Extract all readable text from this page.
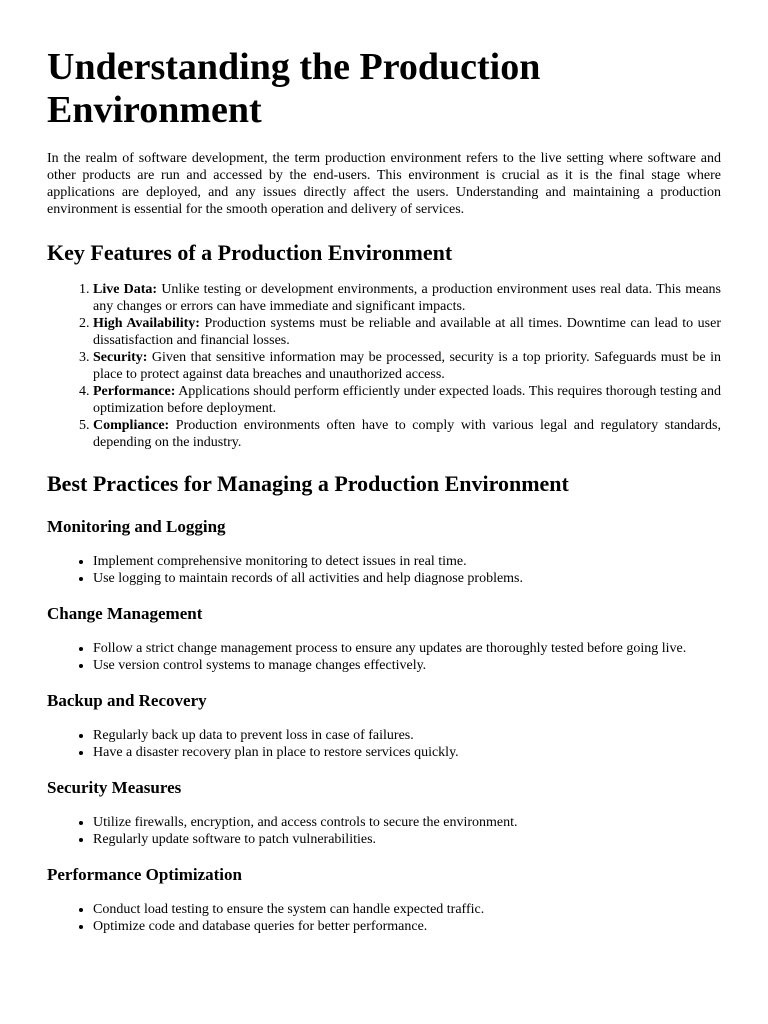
Understanding the Production Environment

In the realm of software development, the term production environment refers to the live setting where software and other products are run and accessed by the end-users. This environment is crucial as it is the final stage where applications are deployed, and any issues directly affect the users. Understanding and maintaining a production environment is essential for the smooth operation and delivery of services.

Key Features of a Production Environment
1. Live Data: Unlike testing or development environments, a production environment uses real data. This means any changes or errors can have immediate and significant impacts.
2. High Availability: Production systems must be reliable and available at all times. Downtime can lead to user dissatisfaction and financial losses.
3. Security: Given that sensitive information may be processed, security is a top priority. Safeguards must be in place to protect against data breaches and unauthorized access.
4. Performance: Applications should perform efficiently under expected loads. This requires thorough testing and optimization before deployment.
5. Compliance: Production environments often have to comply with various legal and regulatory standards, depending on the industry.
Best Practices for Managing a Production Environment
Monitoring and Logging
• Implement comprehensive monitoring to detect issues in real time.
• Use logging to maintain records of all activities and help diagnose problems.
Change Management
• Follow a strict change management process to ensure any updates are thoroughly tested before going live.
• Use version control systems to manage changes effectively.
Backup and Recovery
• Regularly back up data to prevent loss in case of failures.
• Have a disaster recovery plan in place to restore services quickly.
Security Measures
• Utilize firewalls, encryption, and access controls to secure the environment.
• Regularly update software to patch vulnerabilities.
Performance Optimization
• Conduct load testing to ensure the system can handle expected traffic.
• Optimize code and database queries for better performance.
